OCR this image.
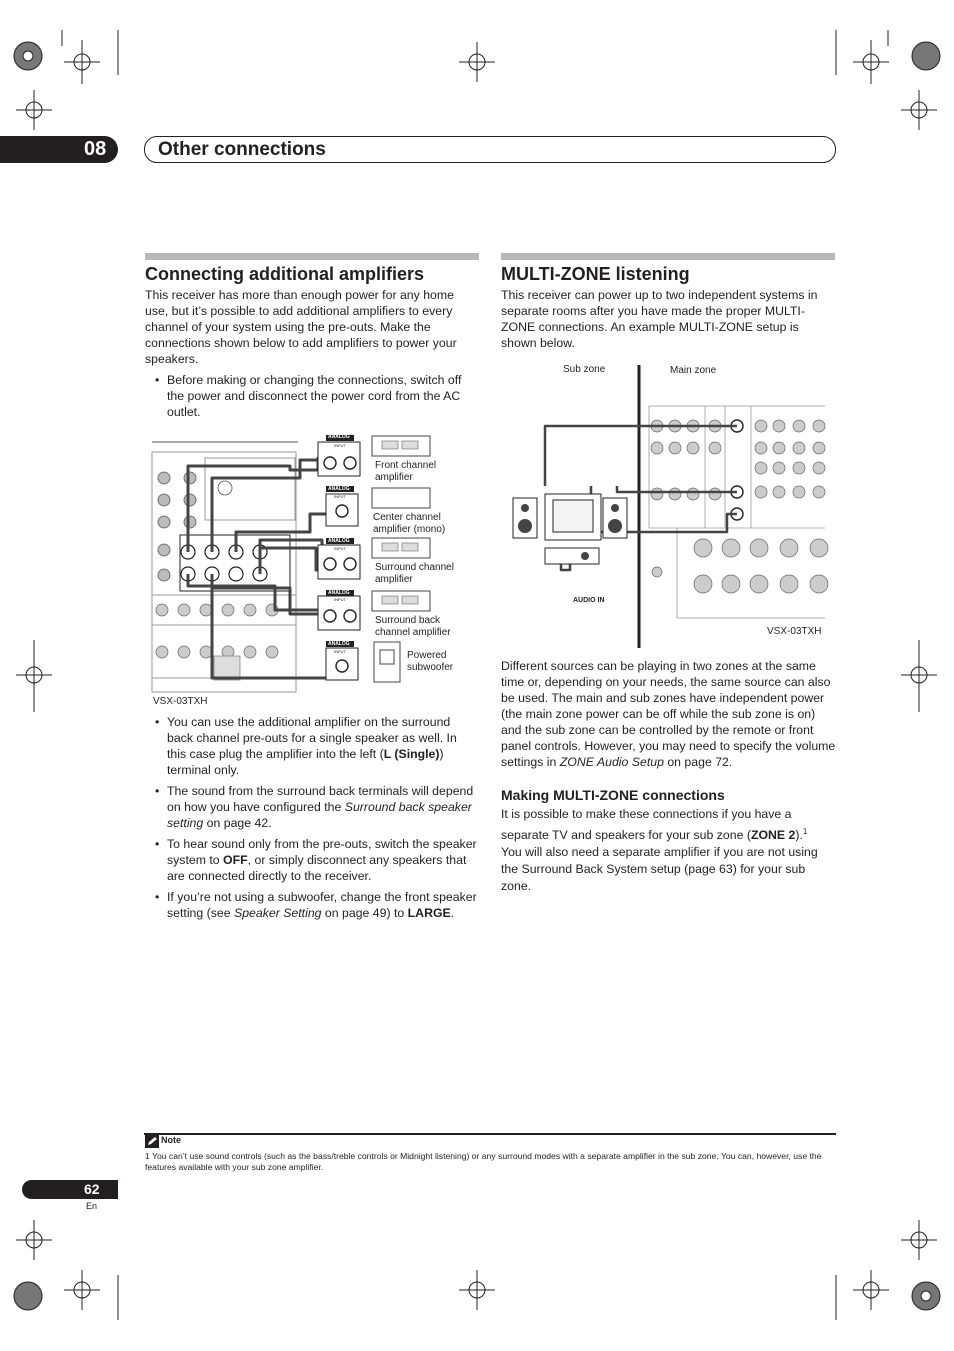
08	Other connections
Connecting additional amplifiers

This receiver has more than enough power for any home use, but it’s possible to add additional amplifiers to every channel of your system using the pre-outs. Make the connections shown below to add amplifiers to power your speakers.

• Before making or changing the connections, switch off the power and disconnect the power cord from the AC outlet.
ANALOG
ANALOG
ANALOG
ANALOG
ANALOG
INPUT
INPUT
INPUT
INPUT
INPUT
Front channel amplifier
Center channel amplifier (mono)
Surround channel amplifier
Surround back channel amplifier
Powered subwoofer
VSX-03TXH
• You can use the additional amplifier on the surround back channel pre-outs for a single speaker as well. In this case plug the amplifier into the left (L (Single)) terminal only.
• The sound from the surround back terminals will depend on how you have configured the Surround back speaker setting on page 42.
• To hear sound only from the pre-outs, switch the speaker system to OFF, or simply disconnect any speakers that are connected directly to the receiver.
• If you’re not using a subwoofer, change the front speaker setting (see Speaker Setting on page 49) to LARGE.
MULTI-ZONE listening

This receiver can power up to two independent systems in separate rooms after you have made the proper MULTI-ZONE connections. An example MULTI-ZONE setup is shown below.

Sub zone	Main zone
AUDIO IN
VSX-03TXH

Different sources can be playing in two zones at the same time or, depending on your needs, the same source can also be used. The main and sub zones have independent power (the main zone power can be off while the sub zone is on) and the sub zone can be controlled by the remote or front panel controls. However, you may need to specify the volume settings in ZONE Audio Setup on page 72.

Making MULTI-ZONE connections

It is possible to make these connections if you have a separate TV and speakers for your sub zone (ZONE 2).$^1$
You will also need a separate amplifier if you are not using the Surround Back System setup (page 63) for your sub zone.

Note
1 You can’t use sound controls (such as the bass/treble controls or Midnight listening) or any surround modes with a separate amplifier in the sub zone. You can, however, use the features available with your sub zone amplifier.
62
En
